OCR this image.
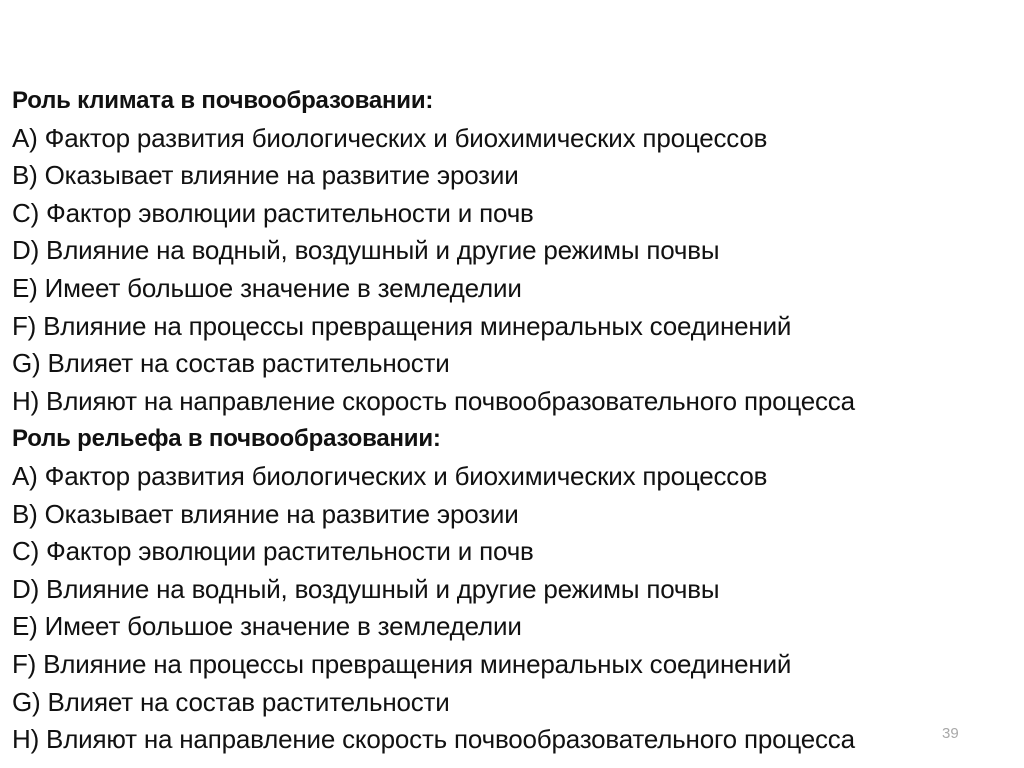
Роль климата в почвообразовании:
A) Фактор развития биологических и биохимических процессов
B) Оказывает влияние на развитие эрозии
C) Фактор эволюции растительности и почв
D) Влияние на водный, воздушный и другие режимы почвы
E) Имеет большое значение в земледелии
F) Влияние на процессы превращения минеральных соединений
G) Влияет на состав растительности
H) Влияют на направление скорость почвообразовательного процесса
Роль рельефа в почвообразовании:
A) Фактор развития биологических и биохимических процессов
B) Оказывает влияние на развитие эрозии
C) Фактор эволюции растительности и почв
D) Влияние на водный, воздушный и другие режимы почвы
E) Имеет большое значение в земледелии
F) Влияние на процессы превращения минеральных соединений
G) Влияет на состав растительности
H) Влияют на направление скорость почвообразовательного процесса	39
